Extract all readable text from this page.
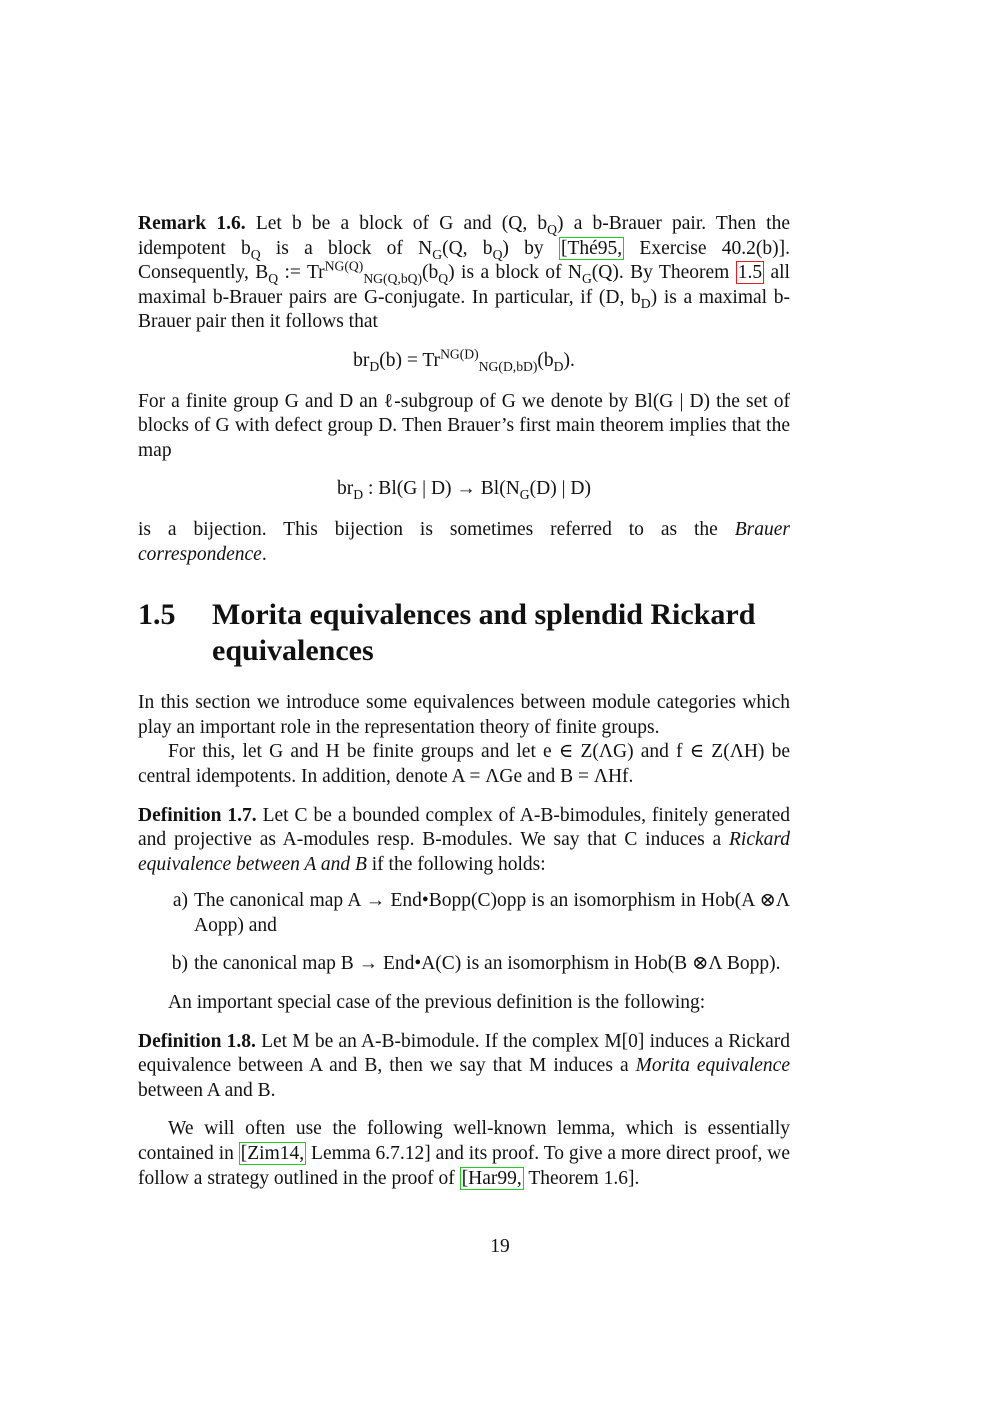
Remark 1.6. Let b be a block of G and (Q, $b_Q$) a b-Brauer pair. Then the idempotent $b_Q$ is a block of $N_G(Q$, $b_Q$) by [Thé95, Exercise 40.2(b)]. Consequently, $B_Q$ := $Tr^{NG(Q)}_{NG(Q,bQ)}(b_Q)$ is a block of $N_G(Q)$. By Theorem 1.5 all maximal b-Brauer pairs are G-conjugate. In particular, if (D, $b_D$) is a maximal b-Brauer pair then it follows that

$br_D(b) = Tr^{NG(D)}_{NG(D,bD)}(b_D)$.

For a finite group G and D an ℓ-subgroup of G we denote by Bl(G | D) the set of blocks of G with defect group D. Then Brauer’s first main theorem implies that the map

$br_D$ : Bl(G | $D) \to Bl(N_G(D)$ | D)

is a bijection. This bijection is sometimes referred to as the Brauer correspondence.

1.5	Morita equivalences and splendid Rickard equivalences

In this section we introduce some equivalences between module categories which play an important role in the representation theory of finite groups.

For this, let G and H be finite groups and let e ∈ Z(ΛG) and f ∈ Z(ΛH) be central idempotents. In addition, denote A = ΛGe and B = ΛHf.

Definition 1.7. Let C be a bounded complex of A-B-bimodules, finitely generated and projective as A-modules resp. B-modules. We say that C induces a Rickard equivalence between A and B if the following holds:

a) The canonical map A → End•Bopp(C)opp is an isomorphism in Hob(A ⊗Λ Aopp) and
b) the canonical map B → End•A(C) is an isomorphism in Hob(B ⊗Λ Bopp).

An important special case of the previous definition is the following:

Definition 1.8. Let M be an A-B-bimodule. If the complex M[0] induces a Rickard equivalence between A and B, then we say that M induces a Morita equivalence between A and B.

We will often use the following well-known lemma, which is essentially contained in [Zim14, Lemma 6.7.12] and its proof. To give a more direct proof, we follow a strategy outlined in the proof of [Har99, Theorem 1.6].

19
